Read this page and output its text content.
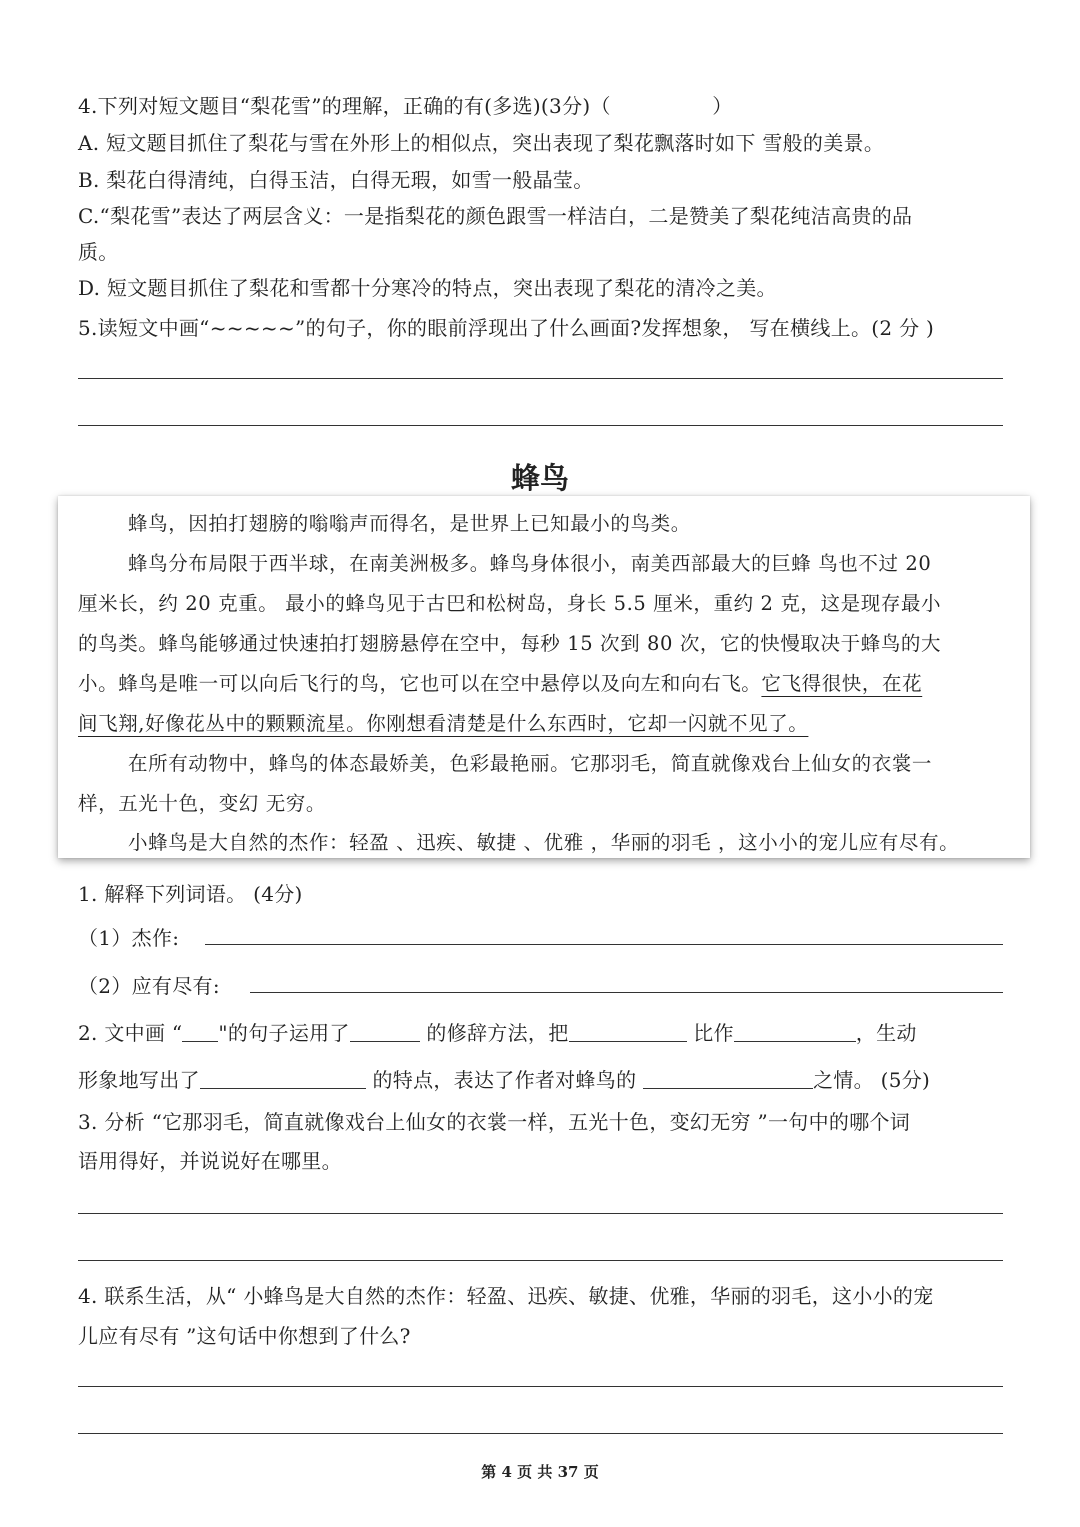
4.下列对短文题目“梨花雪”的理解，正确的有(多选)(3分)（　　　　　）
A. 短文题目抓住了梨花与雪在外形上的相似点，突出表现了梨花飘落时如下 雪般的美景。
B. 梨花白得清纯，白得玉洁，白得无瑕，如雪一般晶莹。
C.“梨花雪”表达了两层含义：一是指梨花的颜色跟雪一样洁白，二是赞美了梨花纯洁高贵的品
质。
D. 短文题目抓住了梨花和雪都十分寒冷的特点，突出表现了梨花的清冷之美。
5.读短文中画“~~~~~”的句子，你的眼前浮现出了什么画面?发挥想象， 写在横线上。(2 分 )
蜂鸟
蜂鸟，因拍打翅膀的嗡嗡声而得名，是世界上已知最小的鸟类。
蜂鸟分布局限于西半球，在南美洲极多。蜂鸟身体很小，南美西部最大的巨蜂 鸟也不过 20
厘米长，约 20 克重。 最小的蜂鸟见于古巴和松树岛，身长 5.5 厘米，重约 2 克，这是现存最小
的鸟类。蜂鸟能够通过快速拍打翅膀悬停在空中，每秒 15 次到 80 次，它的快慢取决于蜂鸟的大
小。蜂鸟是唯一可以向后飞行的鸟，它也可以在空中悬停以及向左和向右飞。它飞得很快，在花
间飞翔,好像花丛中的颗颗流星。你刚想看清楚是什么东西时，它却一闪就不见了。
在所有动物中，蜂鸟的体态最娇美，色彩最艳丽。它那羽毛，简直就像戏台上仙女的衣裳一
样，五光十色，变幻 无穷。
小蜂鸟是大自然的杰作：轻盈 、迅疾、敏捷 、优雅 ，华丽的羽毛 ，这小小的宠儿应有尽有。
1. 解释下列词语。 (4分)
（1）杰作:
（2）应有尽有:
2. 文中画 “ "的句子运用了	的修辞方法，把	比作	，生动
形象地写出了	的特点，表达了作者对蜂鸟的	之情。 (5分)
3. 分析 “它那羽毛，简直就像戏台上仙女的衣裳一样，五光十色，变幻无穷 ”一句中的哪个词
语用得好，并说说好在哪里。
4. 联系生活，从“ 小蜂鸟是大自然的杰作：轻盈、迅疾、敏捷、优雅，华丽的羽毛，这小小的宠
儿应有尽有 ”这句话中你想到了什么?
第 4 页 共 37 页
